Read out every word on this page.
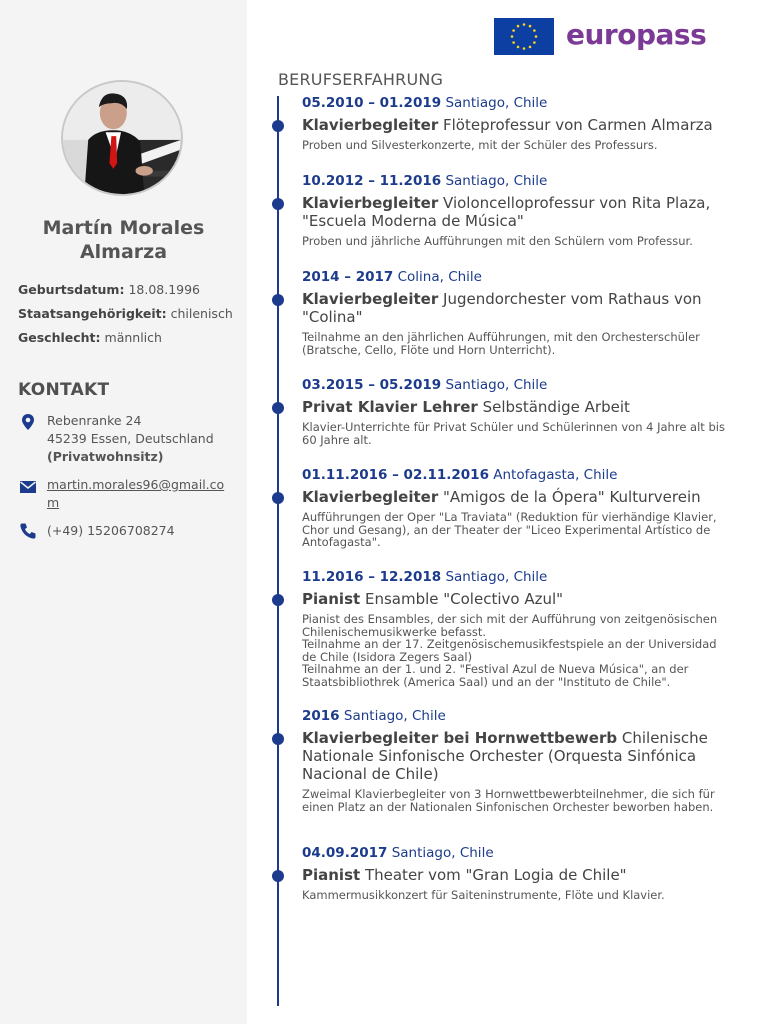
Martín Morales Almarza
Geburtsdatum: 18.08.1996
Staatsangehörigkeit: chilenisch
Geschlecht: männlich
KONTAKT
Rebenranke 24
45239 Essen, Deutschland
(Privatwohnsitz)
martin.morales96@gmail.co
m
(+49) 15206708274
europass
BERUFSERFAHRUNG
05.2010 – 01.2019 Santiago, Chile
Klavierbegleiter Flöteprofessur von Carmen Almarza
Proben und Silvesterkonzerte, mit der Schüler des Professurs.
10.2012 – 11.2016 Santiago, Chile
Klavierbegleiter Violoncelloprofessur von Rita Plaza, "Escuela Moderna de Música"
Proben und jährliche Aufführungen mit den Schülern vom Professur.
2014 – 2017 Colina, Chile
Klavierbegleiter Jugendorchester vom Rathaus von "Colina"
Teilnahme an den jährlichen Aufführungen, mit den Orchesterschüler (Bratsche, Cello, Flöte und Horn Unterricht).
03.2015 – 05.2019 Santiago, Chile
Privat Klavier Lehrer Selbständige Arbeit
Klavier-Unterrichte für Privat Schüler und Schülerinnen von 4 Jahre alt bis 60 Jahre alt.
01.11.2016 – 02.11.2016 Antofagasta, Chile
Klavierbegleiter "Amigos de la Ópera" Kulturverein
Aufführungen der Oper "La Traviata" (Reduktion für vierhändige Klavier, Chor und Gesang), an der Theater der "Liceo Experimental Artístico de Antofagasta".
11.2016 – 12.2018 Santiago, Chile
Pianist Ensamble "Colectivo Azul"
Pianist des Ensambles, der sich mit der Aufführung von zeitgenösischen Chilenischemusikwerke befasst.
Teilnahme an der 17. Zeitgenösischemusikfestspiele an der Universidad de Chile (Isidora Zegers Saal)
Teilnahme an der 1. und 2. "Festival Azul de Nueva Música", an der Staatsbibliothrek (America Saal) und an der "Instituto de Chile".
2016 Santiago, Chile
Klavierbegleiter bei Hornwettbewerb Chilenische Nationale Sinfonische Orchester (Orquesta Sinfónica Nacional de Chile)
Zweimal Klavierbegleiter von 3 Hornwettbewerbteilnehmer, die sich für einen Platz an der Nationalen Sinfonischen Orchester beworben haben.
04.09.2017 Santiago, Chile
Pianist Theater vom "Gran Logia de Chile"
Kammermusikkonzert für Saiteninstrumente, Flöte und Klavier.
